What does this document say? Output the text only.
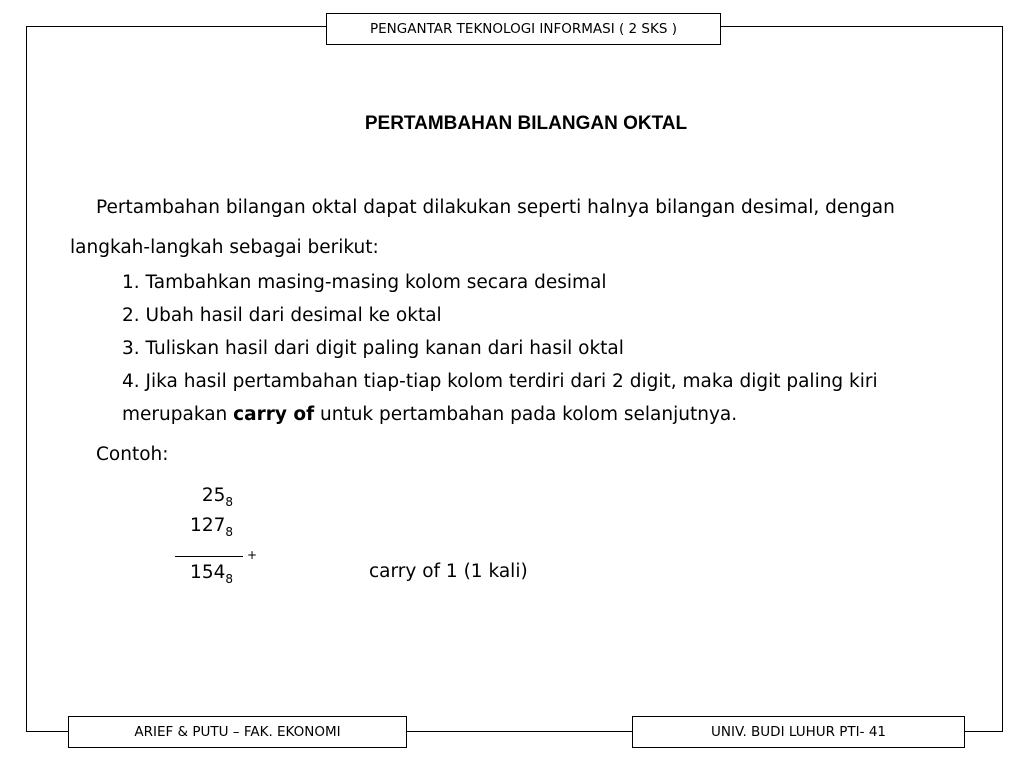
PENGANTAR TEKNOLOGI INFORMASI ( 2 SKS )
PERTAMBAHAN BILANGAN OKTAL
Pertambahan bilangan oktal dapat dilakukan seperti halnya bilangan desimal, dengan
langkah-langkah sebagai berikut:
1. Tambahkan masing-masing kolom secara desimal
2. Ubah hasil dari desimal ke oktal
3. Tuliskan hasil dari digit paling kanan dari hasil oktal
4. Jika hasil pertambahan tiap-tiap kolom terdiri dari 2 digit, maka digit paling kiri
merupakan carry of untuk pertambahan pada kolom selanjutnya.
Contoh:
$25_8$
$127_8$
+
$154_8$	carry of 1 (1 kali)
ARIEF & PUTU – FAK. EKONOMI	UNIV. BUDI LUHUR PTI- 41
